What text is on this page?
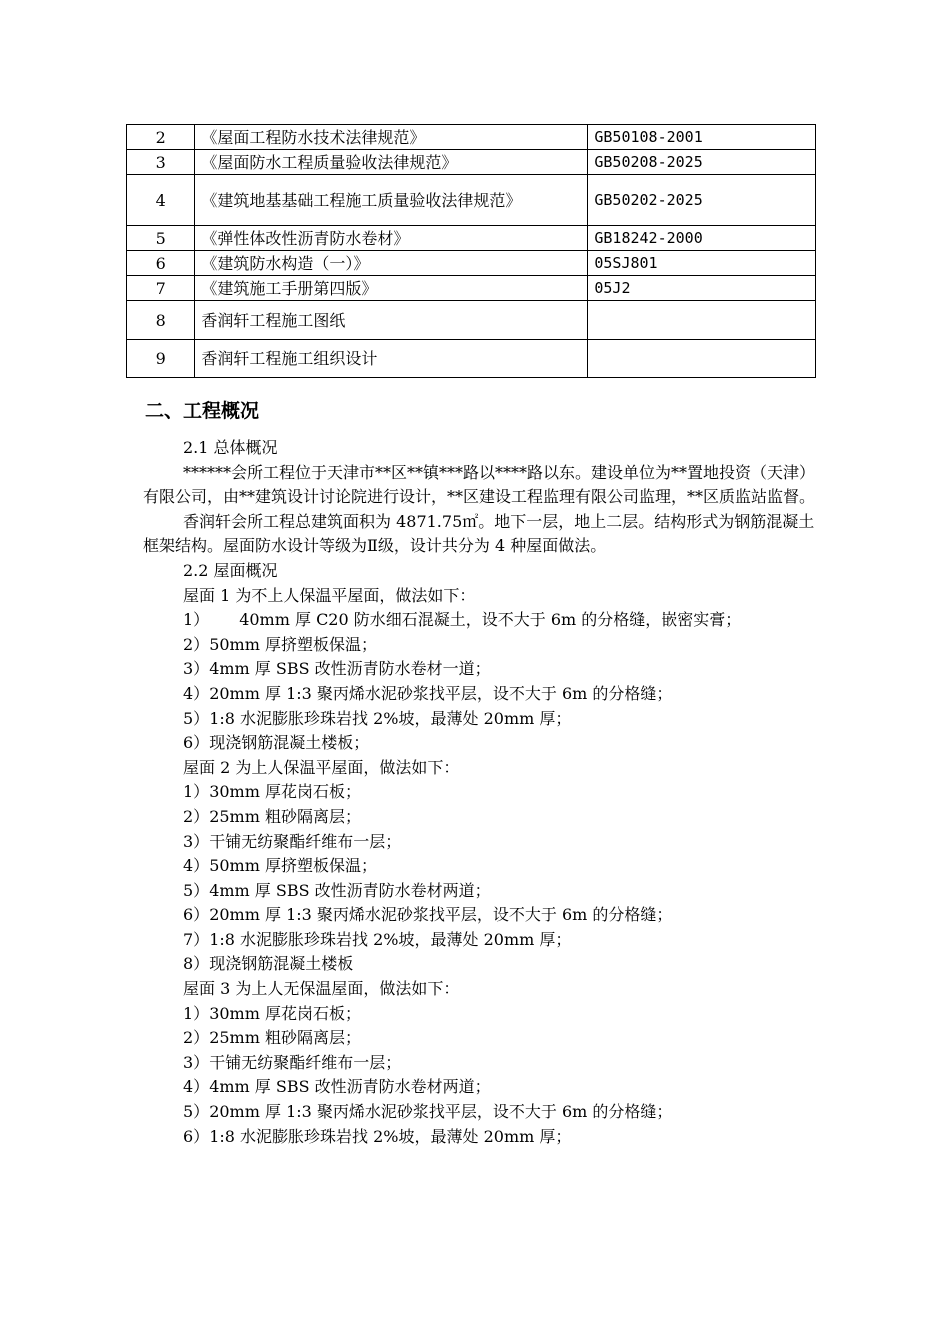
2	《屋面工程防水技术法律规范》	GB50108-2001
3	《屋面防水工程质量验收法律规范》	GB50208-2025
4	《建筑地基基础工程施工质量验收法律规范》	GB50202-2025
5	《弹性体改性沥青防水卷材》	GB18242-2000
6	《建筑防水构造（一）》	05SJ801
7	《建筑施工手册第四版》	05J2
8	香润轩工程施工图纸	
9	香润轩工程施工组织设计	
二、工程概况

2.1 总体概况

******会所工程位于天津市**区**镇***路以****路以东。建设单位为**置地投资（天津）有限公司，由**建筑设计讨论院进行设计，**区建设工程监理有限公司监理，**区质监站监督。

香润轩会所工程总建筑面积为 4871.75㎡。地下一层，地上二层。结构形式为钢筋混凝土框架结构。屋面防水设计等级为Ⅱ级，设计共分为 4 种屋面做法。

2.2 屋面概况

屋面 1 为不上人保温平屋面，做法如下：

1） 40mm 厚 C20 防水细石混凝土，设不大于 6m 的分格缝，嵌密实膏；

2）50mm 厚挤塑板保温；

3）4mm 厚 SBS 改性沥青防水卷材一道；

4）20mm 厚 1:3 聚丙烯水泥砂浆找平层，设不大于 6m 的分格缝；

5）1:8 水泥膨胀珍珠岩找 2%坡，最薄处 20mm 厚；

6）现浇钢筋混凝土楼板；

屋面 2 为上人保温平屋面，做法如下：

1）30mm 厚花岗石板；

2）25mm 粗砂隔离层；

3）干铺无纺聚酯纤维布一层；

4）50mm 厚挤塑板保温；

5）4mm 厚 SBS 改性沥青防水卷材两道；

6）20mm 厚 1:3 聚丙烯水泥砂浆找平层，设不大于 6m 的分格缝；

7）1:8 水泥膨胀珍珠岩找 2%坡，最薄处 20mm 厚；

8）现浇钢筋混凝土楼板

屋面 3 为上人无保温屋面，做法如下：

1）30mm 厚花岗石板；

2）25mm 粗砂隔离层；

3）干铺无纺聚酯纤维布一层；

4）4mm 厚 SBS 改性沥青防水卷材两道；

5）20mm 厚 1:3 聚丙烯水泥砂浆找平层，设不大于 6m 的分格缝；

6）1:8 水泥膨胀珍珠岩找 2%坡，最薄处 20mm 厚；
